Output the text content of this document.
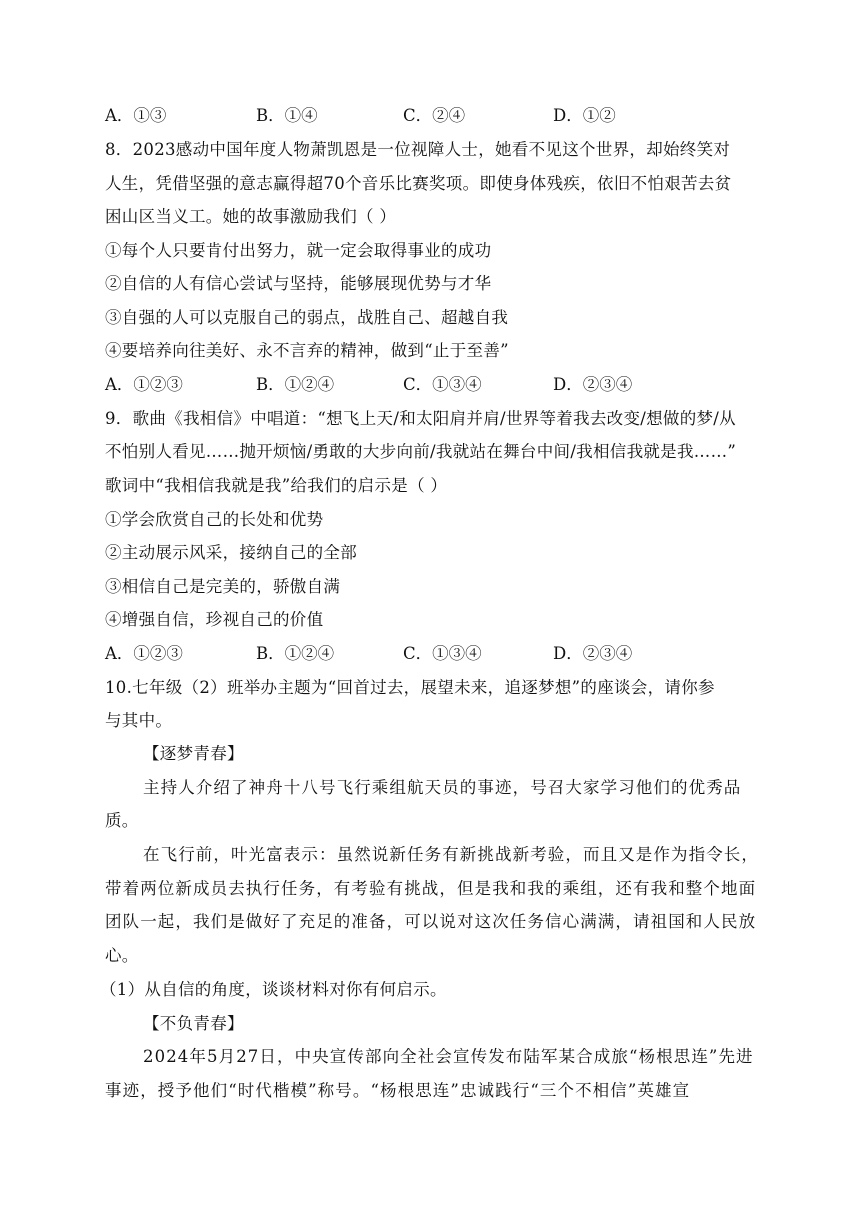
A．①③	B．①④	C．②④	D．①②
8．2023感动中国年度人物萧凯恩是一位视障人士，她看不见这个世界，却始终笑对
人生，凭借坚强的意志赢得超70个音乐比赛奖项。即使身体残疾，依旧不怕艰苦去贫
困山区当义工。她的故事激励我们（ ）
①每个人只要肯付出努力，就一定会取得事业的成功
②自信的人有信心尝试与坚持，能够展现优势与才华
③自强的人可以克服自己的弱点，战胜自己、超越自我
④要培养向往美好、永不言弃的精神，做到“止于至善”
A．①②③	B．①②④	C．①③④	D．②③④
9．歌曲《我相信》中唱道：“想飞上天/和太阳肩并肩/世界等着我去改变/想做的梦/从
不怕别人看见……抛开烦恼/勇敢的大步向前/我就站在舞台中间/我相信我就是我……”
歌词中“我相信我就是我”给我们的启示是（ ）
①学会欣赏自己的长处和优势
②主动展示风采，接纳自己的全部
③相信自己是完美的，骄傲自满
④增强自信，珍视自己的价值
A．①②③	B．①②④	C．①③④	D．②③④
10.七年级（2）班举办主题为“回首过去，展望未来，追逐梦想”的座谈会，请你参
与其中。
【逐梦青春】
主持人介绍了神舟十八号飞行乘组航天员的事迹，号召大家学习他们的优秀品
质。
在飞行前，叶光富表示：虽然说新任务有新挑战新考验，而且又是作为指令长，
带着两位新成员去执行任务，有考验有挑战，但是我和我的乘组，还有我和整个地面
团队一起，我们是做好了充足的准备，可以说对这次任务信心满满，请祖国和人民放
心。
（1）从自信的角度，谈谈材料对你有何启示。
【不负青春】
2024年5月27日，中央宣传部向全社会宣传发布陆军某合成旅“杨根思连”先进
事迹，授予他们“时代楷模”称号。“杨根思连”忠诚践行“三个不相信”英雄宣
